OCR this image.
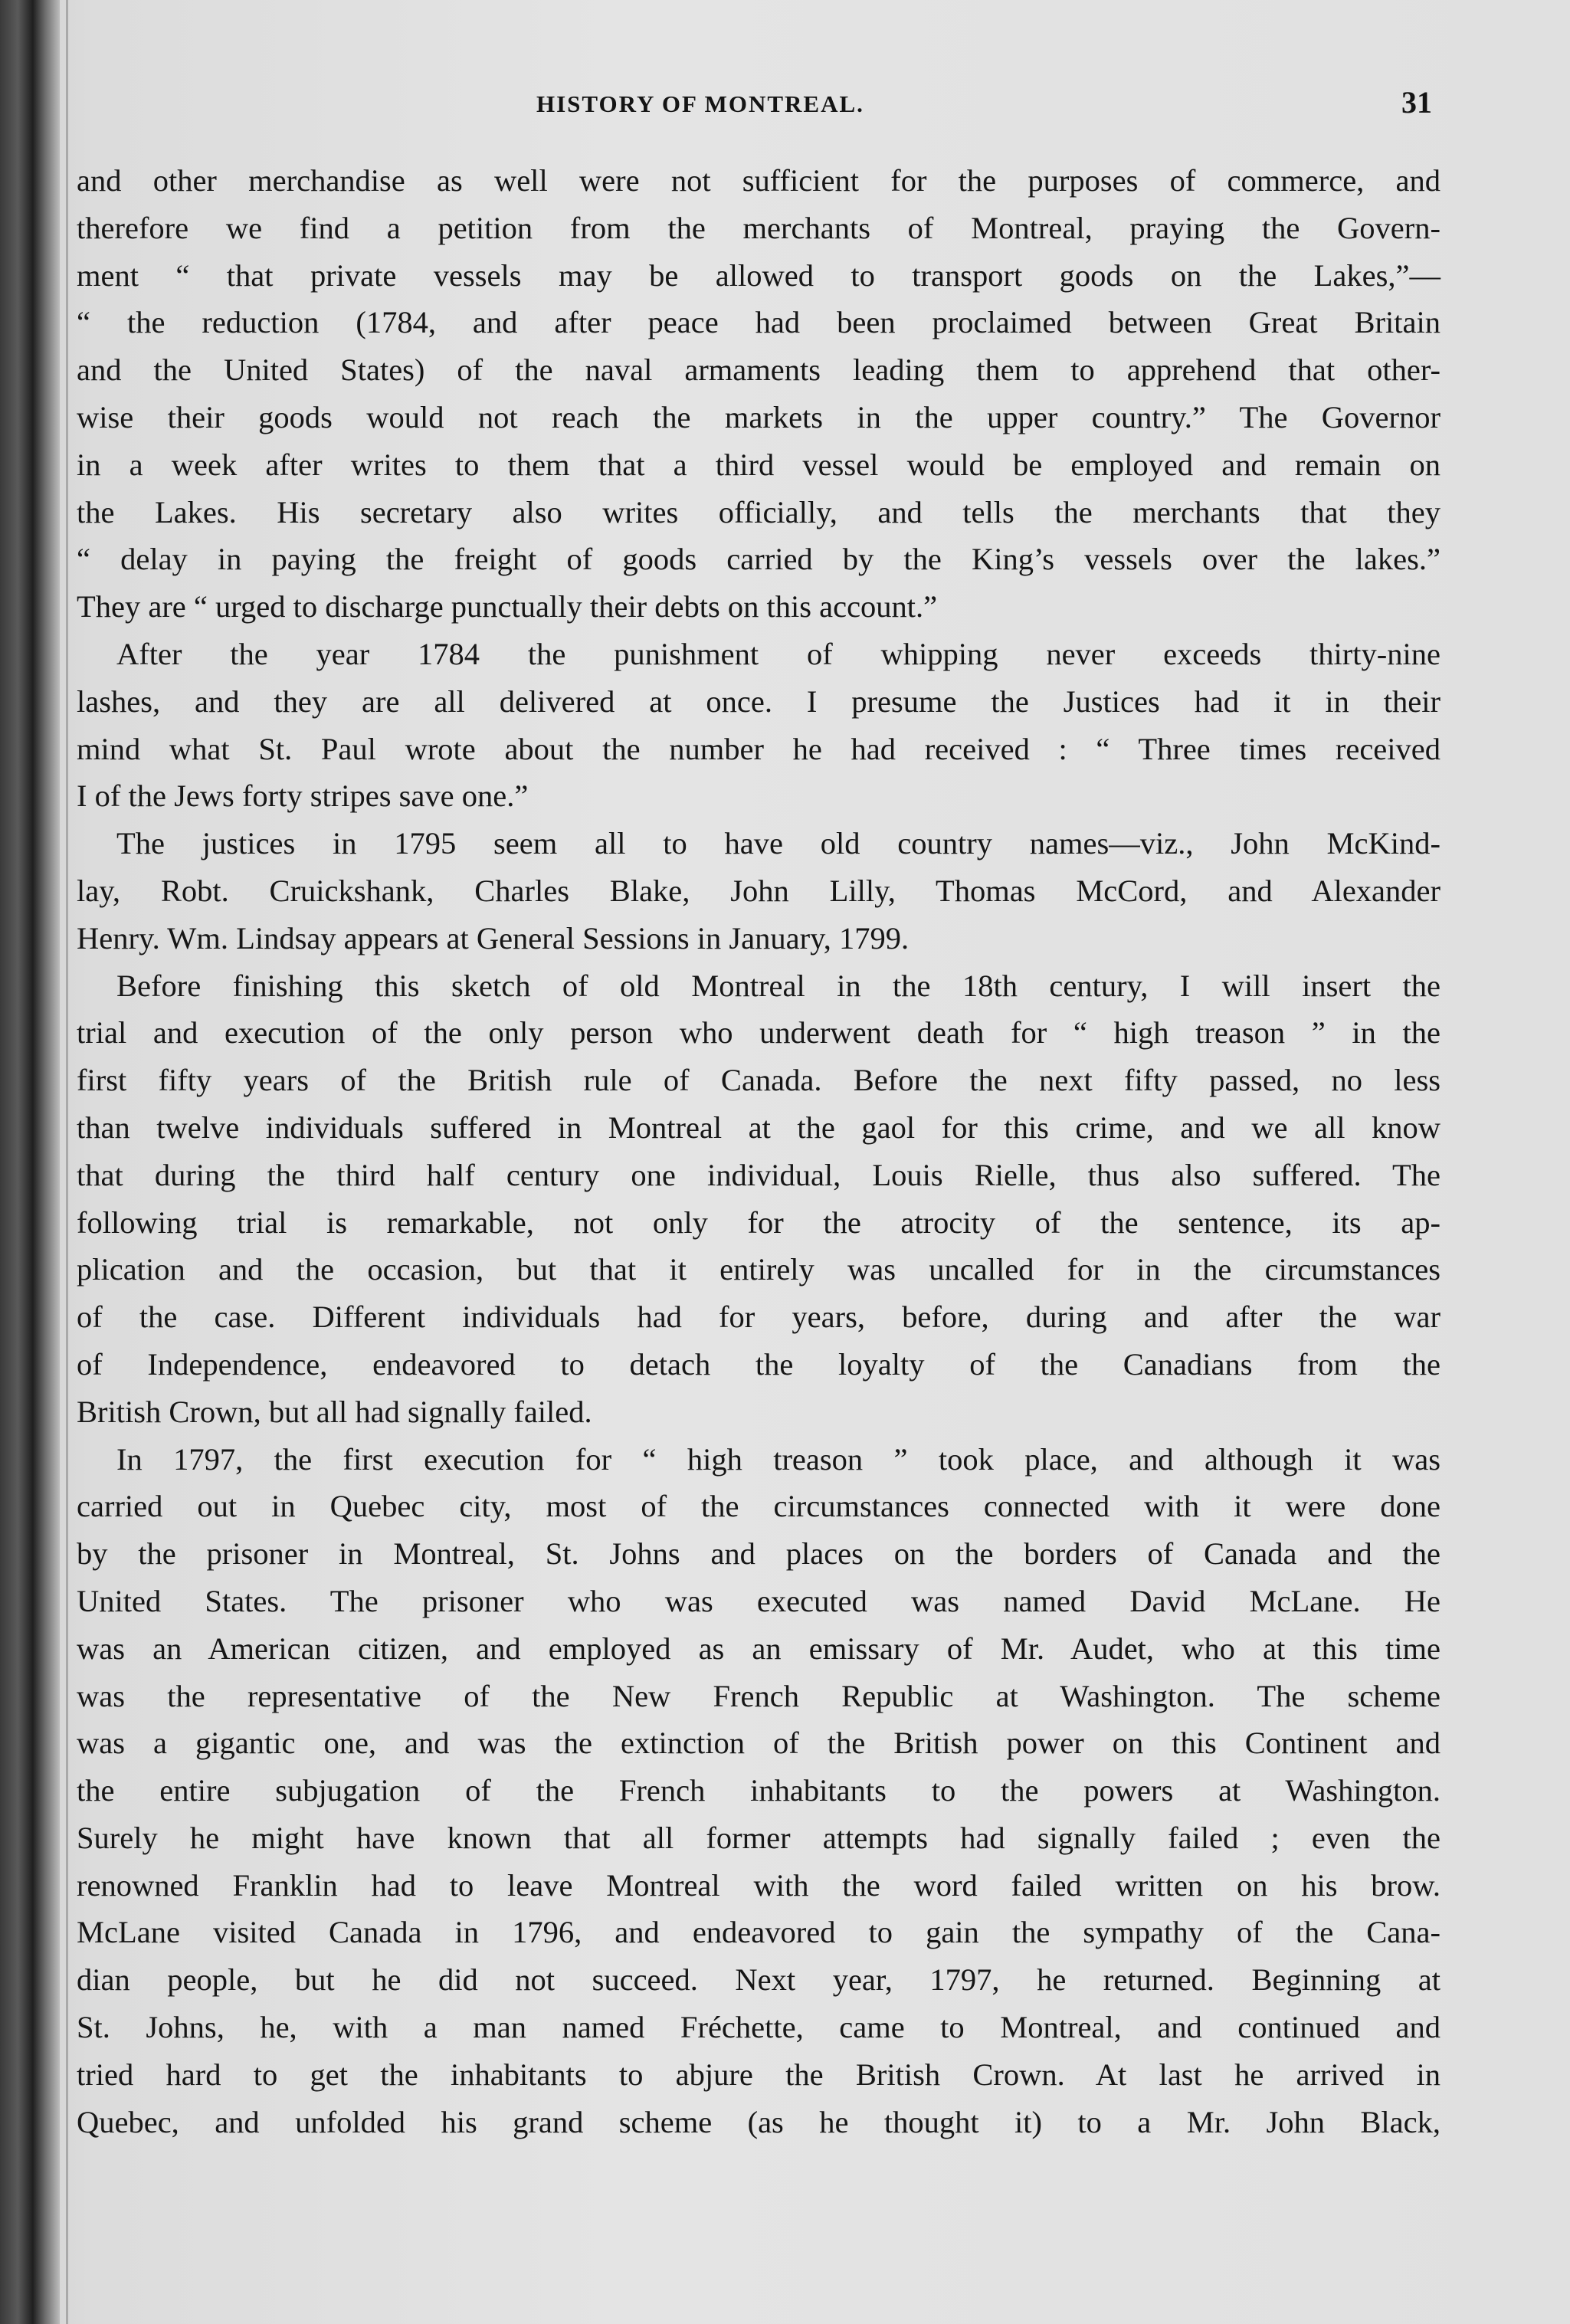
HISTORY OF MONTREAL.	31
and other merchandise as well were not sufficient for the purposes of commerce, and
therefore we find a petition from the merchants of Montreal, praying the Govern-
ment “ that private vessels may be allowed to transport goods on the Lakes,”—
“ the reduction (1784, and after peace had been proclaimed between Great Britain
and the United States) of the naval armaments leading them to apprehend that other-
wise their goods would not reach the markets in the upper country.” The Governor
in a week after writes to them that a third vessel would be employed and remain on
the Lakes. His secretary also writes officially, and tells the merchants that they
“ delay in paying the freight of goods carried by the King’s vessels over the lakes.”
They are “ urged to discharge punctually their debts on this account.”
After the year 1784 the punishment of whipping never exceeds thirty-nine
lashes, and they are all delivered at once. I presume the Justices had it in their
mind what St. Paul wrote about the number he had received : “ Three times received
I of the Jews forty stripes save one.”
The justices in 1795 seem all to have old country names—viz., John McKind-
lay, Robt. Cruickshank, Charles Blake, John Lilly, Thomas McCord, and Alexander
Henry. Wm. Lindsay appears at General Sessions in January, 1799.
Before finishing this sketch of old Montreal in the 18th century, I will insert the
trial and execution of the only person who underwent death for “ high treason ” in the
first fifty years of the British rule of Canada. Before the next fifty passed, no less
than twelve individuals suffered in Montreal at the gaol for this crime, and we all know
that during the third half century one individual, Louis Rielle, thus also suffered. The
following trial is remarkable, not only for the atrocity of the sentence, its ap-
plication and the occasion, but that it entirely was uncalled for in the circumstances
of the case. Different individuals had for years, before, during and after the war
of Independence, endeavored to detach the loyalty of the Canadians from the
British Crown, but all had signally failed.
In 1797, the first execution for “ high treason ” took place, and although it was
carried out in Quebec city, most of the circumstances connected with it were done
by the prisoner in Montreal, St. Johns and places on the borders of Canada and the
United States. The prisoner who was executed was named David McLane. He
was an American citizen, and employed as an emissary of Mr. Audet, who at this time
was the representative of the New French Republic at Washington. The scheme
was a gigantic one, and was the extinction of the British power on this Continent and
the entire subjugation of the French inhabitants to the powers at Washington.
Surely he might have known that all former attempts had signally failed ; even the
renowned Franklin had to leave Montreal with the word failed written on his brow.
McLane visited Canada in 1796, and endeavored to gain the sympathy of the Cana-
dian people, but he did not succeed. Next year, 1797, he returned. Beginning at
St. Johns, he, with a man named Fréchette, came to Montreal, and continued and
tried hard to get the inhabitants to abjure the British Crown. At last he arrived in
Quebec, and unfolded his grand scheme (as he thought it) to a Mr. John Black,
